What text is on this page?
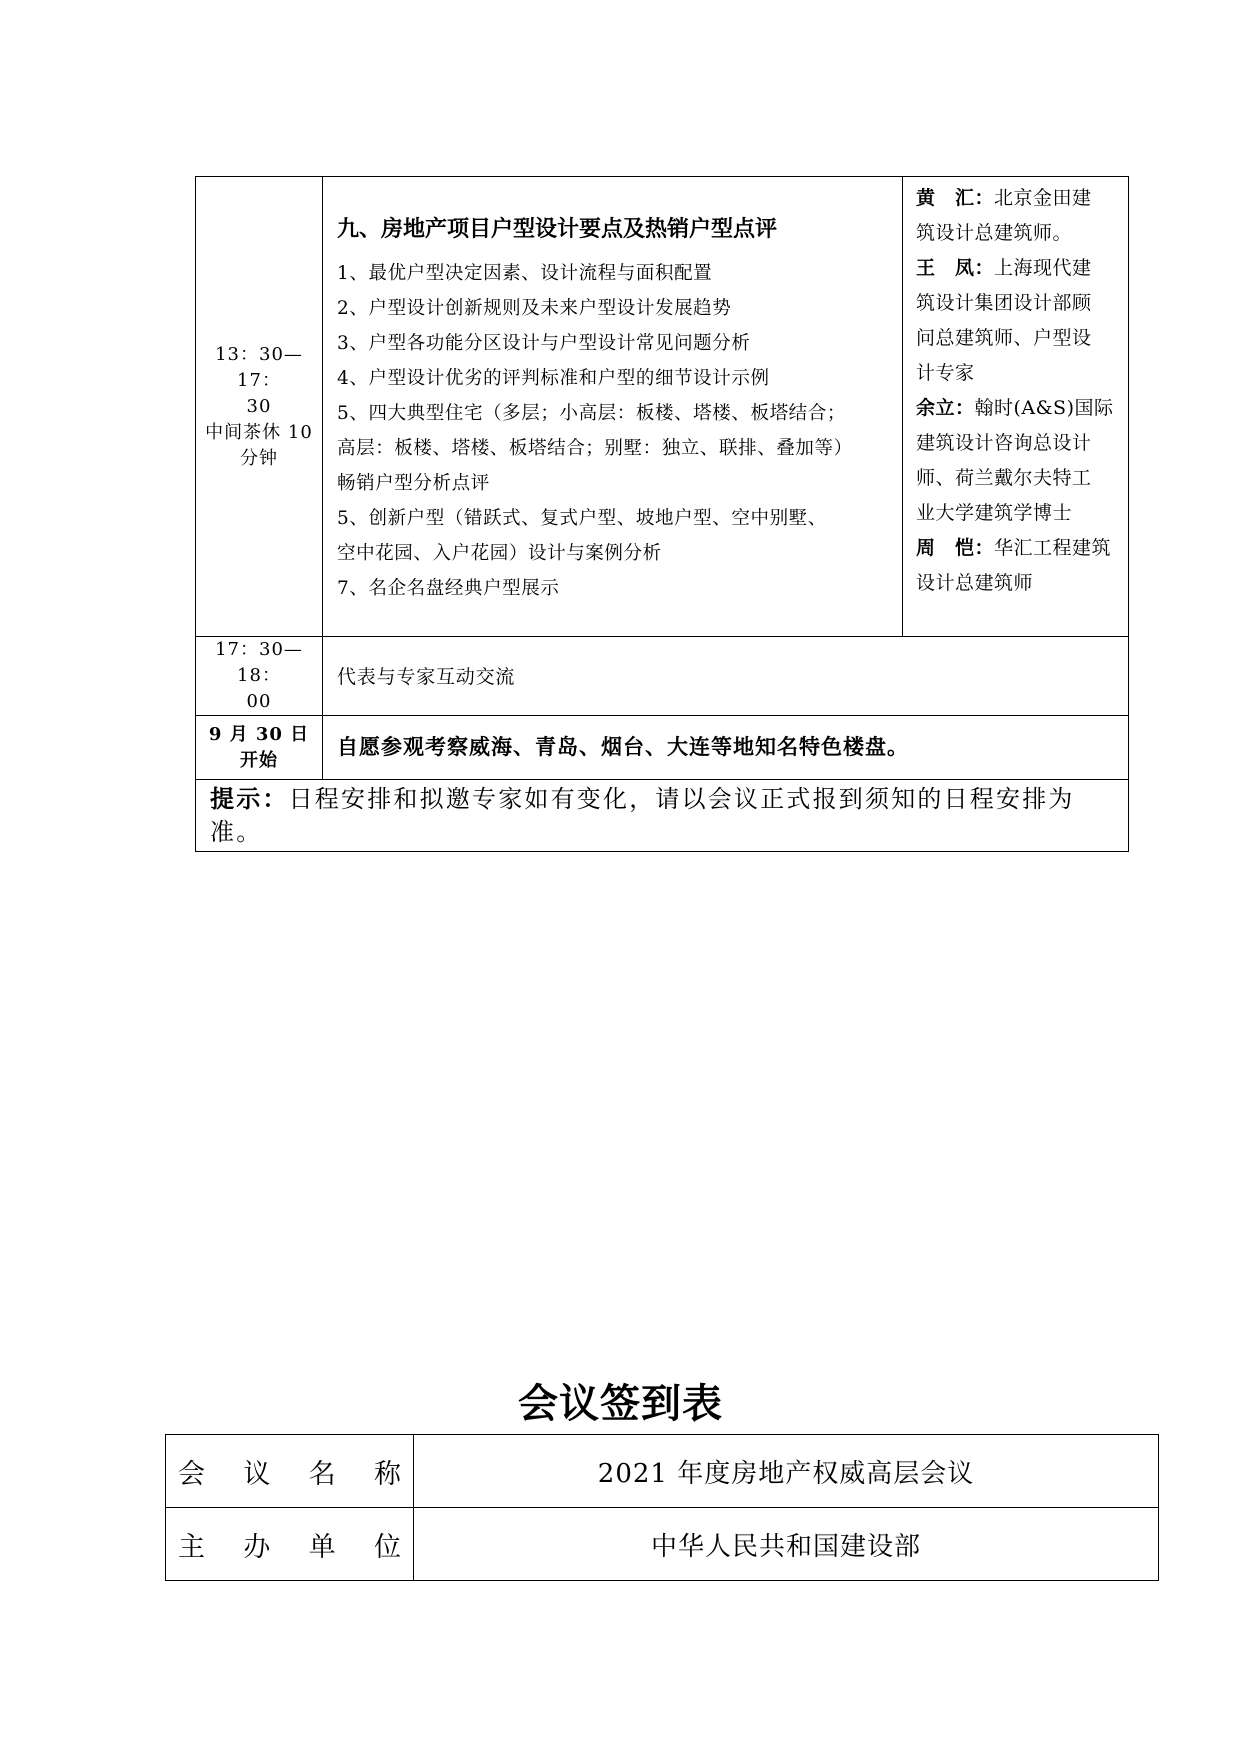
13：30—17：
30
中间茶休 10
分钟
九、房地产项目户型设计要点及热销户型点评
1、最优户型决定因素、设计流程与面积配置
2、户型设计创新规则及未来户型设计发展趋势
3、户型各功能分区设计与户型设计常见问题分析
4、户型设计优劣的评判标准和户型的细节设计示例
5、四大典型住宅（多层；小高层：板楼、塔楼、板塔结合；
高层：板楼、塔楼、板塔结合；别墅：独立、联排、叠加等）
畅销户型分析点评
5、创新户型（错跃式、复式户型、坡地户型、空中别墅、
空中花园、入户花园）设计与案例分析
7、名企名盘经典户型展示
黄　汇：北京金田建
筑设计总建筑师。
王　凤：上海现代建
筑设计集团设计部顾
问总建筑师、户型设
计专家
余立：翰时(A&S)国际
建筑设计咨询总设计
师、荷兰戴尔夫特工
业大学建筑学博士
周　恺：华汇工程建筑
设计总建筑师
17：30—18：
00
代表与专家互动交流
9 月 30 日
开始
自愿参观考察威海、青岛、烟台、大连等地知名特色楼盘。
提示：日程安排和拟邀专家如有变化，请以会议正式报到须知的日程安排为准。
会议签到表
会 议 名 称	2021 年度房地产权威高层会议
主 办 单 位	中华人民共和国建设部
